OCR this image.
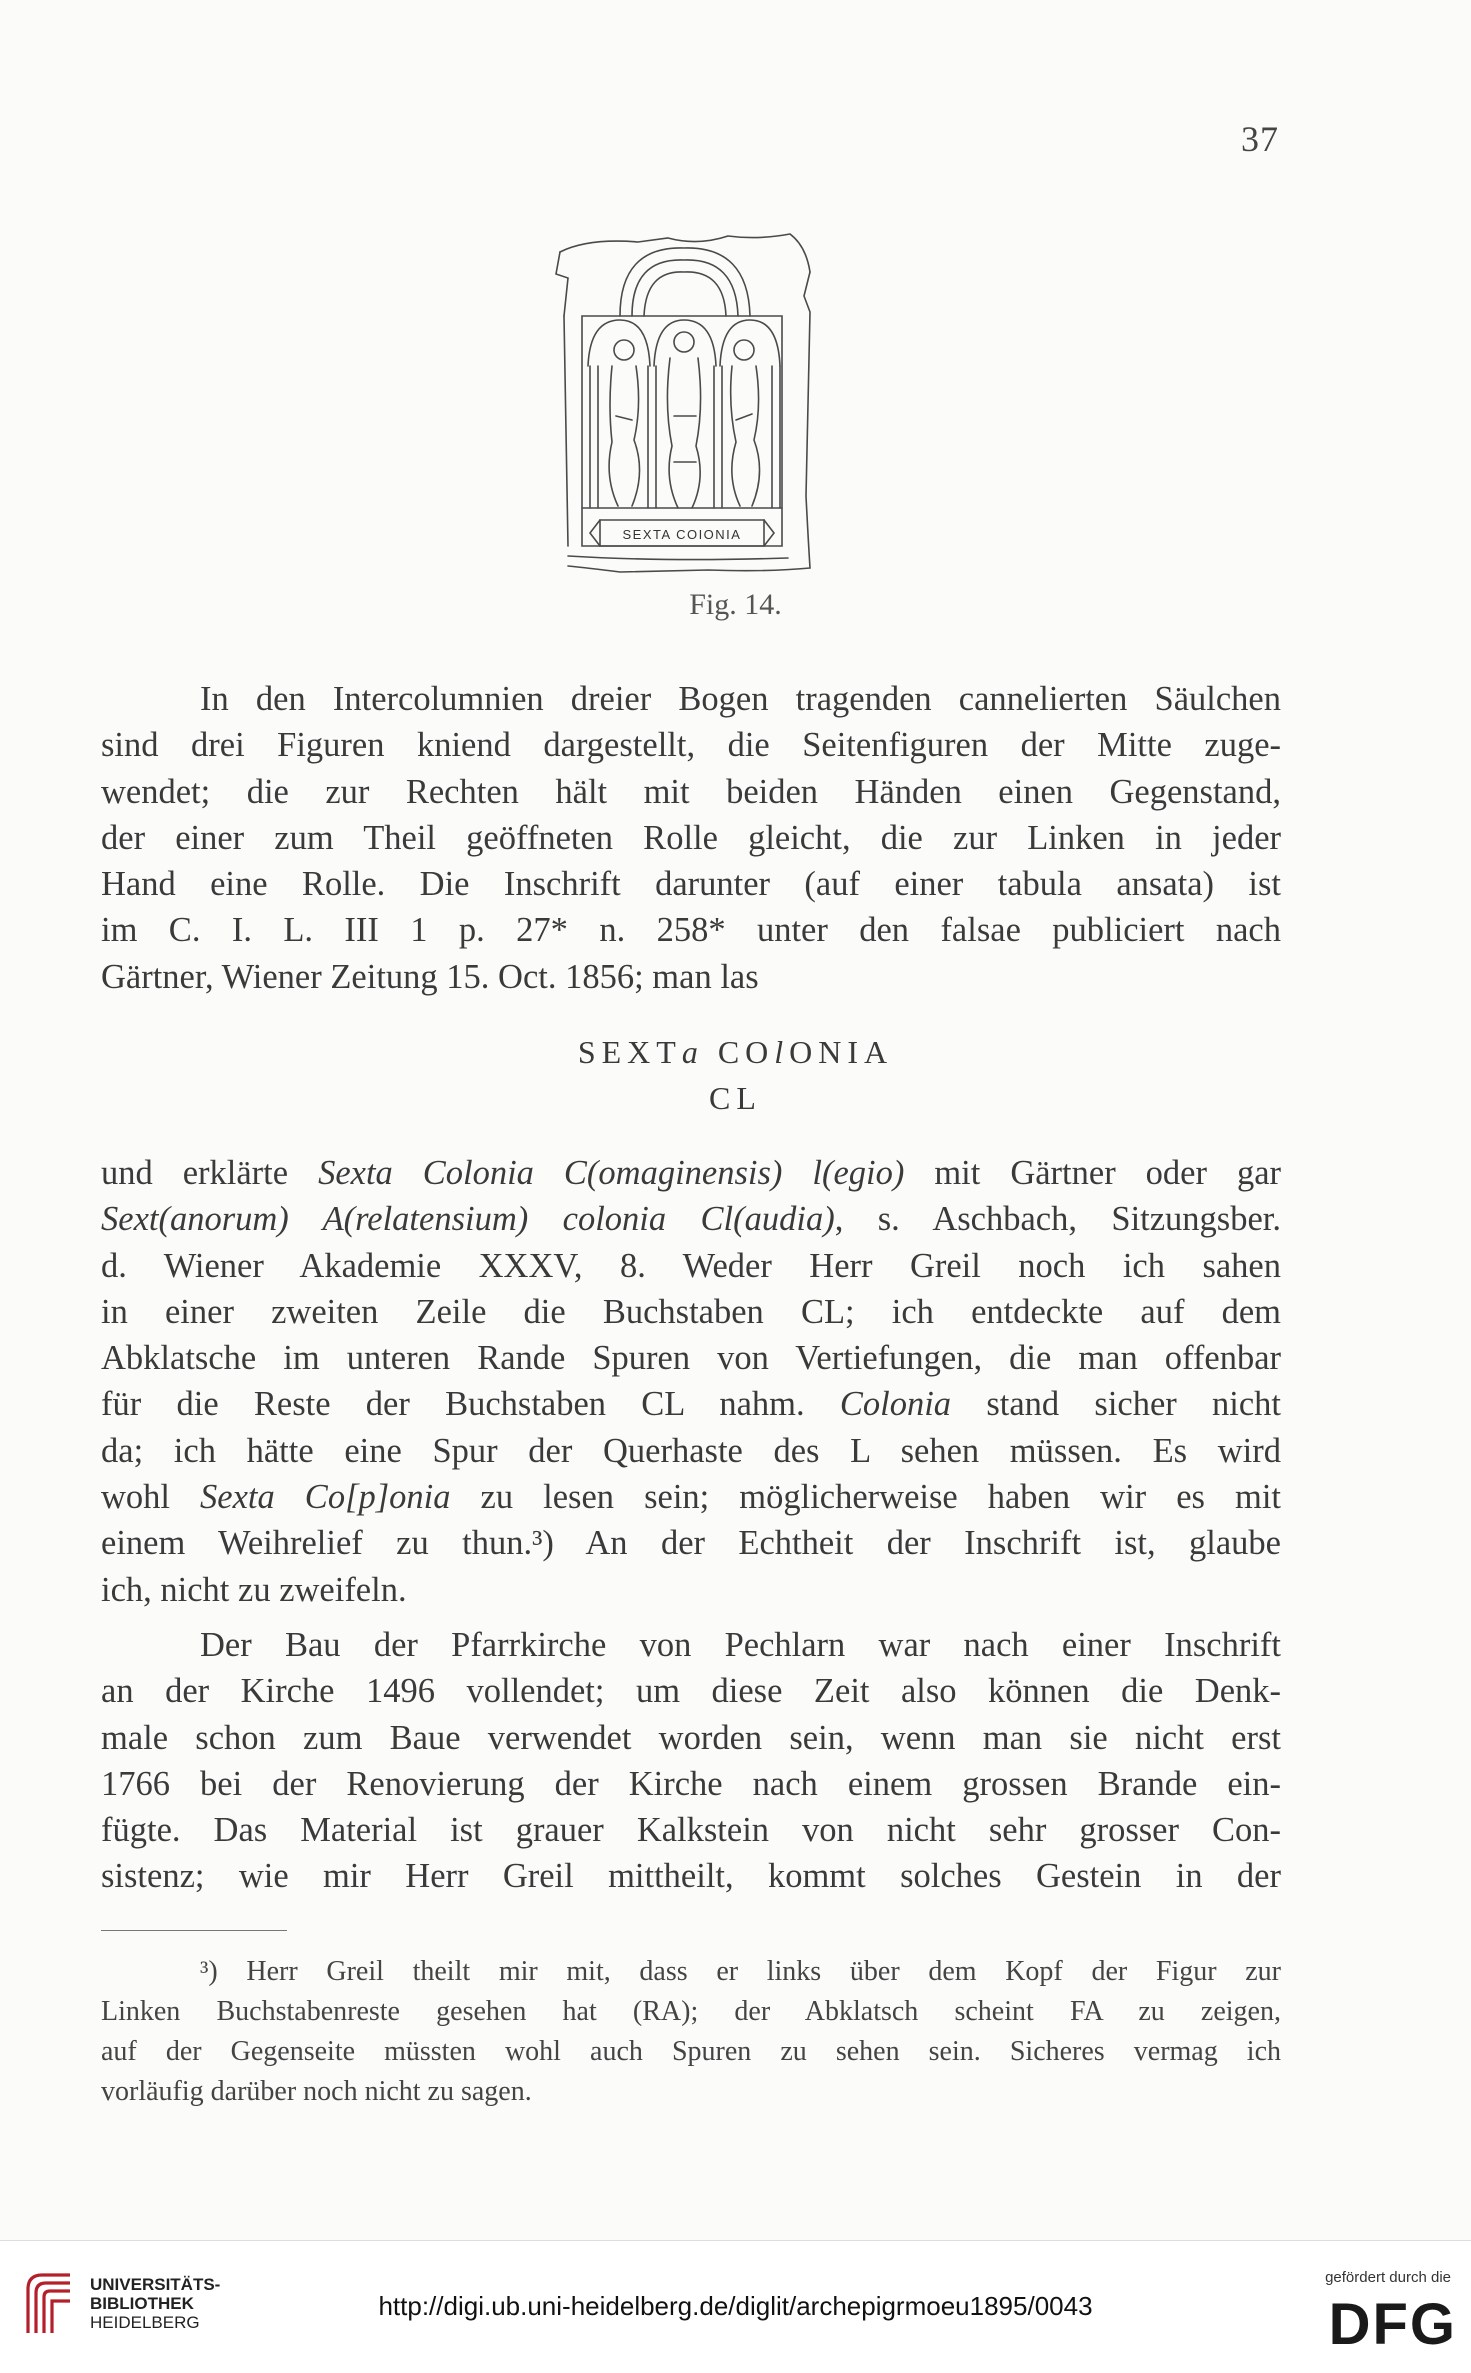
37
SEXTA COIONIA
Fig. 14.
In den Intercolumnien dreier Bogen tragenden cannelierten Säulchen
sind drei Figuren kniend dargestellt, die Seitenfiguren der Mitte zuge-
wendet; die zur Rechten hält mit beiden Händen einen Gegenstand,
der einer zum Theil geöffneten Rolle gleicht, die zur Linken in jeder
Hand eine Rolle. Die Inschrift darunter (auf einer tabula ansata) ist
im C. I. L. III 1 p. 27* n. 258* unter den falsae publiciert nach
Gärtner, Wiener Zeitung 15. Oct. 1856; man las
SEXTa COlONIA
CL
und erklärte Sexta Colonia C(omaginensis) l(egio) mit Gärtner oder gar
Sext(anorum) A(relatensium) colonia Cl(audia), s. Aschbach, Sitzungsber.
d. Wiener Akademie XXXV, 8. Weder Herr Greil noch ich sahen
in einer zweiten Zeile die Buchstaben CL; ich entdeckte auf dem
Abklatsche im unteren Rande Spuren von Vertiefungen, die man offenbar
für die Reste der Buchstaben CL nahm. Colonia stand sicher nicht
da; ich hätte eine Spur der Querhaste des L sehen müssen. Es wird
wohl Sexta Co[p]onia zu lesen sein; möglicherweise haben wir es mit
einem Weihrelief zu thun.³) An der Echtheit der Inschrift ist, glaube
ich, nicht zu zweifeln.
Der Bau der Pfarrkirche von Pechlarn war nach einer Inschrift
an der Kirche 1496 vollendet; um diese Zeit also können die Denk-
male schon zum Baue verwendet worden sein, wenn man sie nicht erst
1766 bei der Renovierung der Kirche nach einem grossen Brande ein-
fügte. Das Material ist grauer Kalkstein von nicht sehr grosser Con-
sistenz; wie mir Herr Greil mittheilt, kommt solches Gestein in der
³) Herr Greil theilt mir mit, dass er links über dem Kopf der Figur zur
Linken Buchstabenreste gesehen hat (RA); der Abklatsch scheint FA zu zeigen,
auf der Gegenseite müssten wohl auch Spuren zu sehen sein. Sicheres vermag ich
vorläufig darüber noch nicht zu sagen.
UNIVERSITÄTS-
BIBLIOTHEK
HEIDELBERG
http://digi.ub.uni-heidelberg.de/diglit/archepigrmoeu1895/0043
gefördert durch die
DFG
